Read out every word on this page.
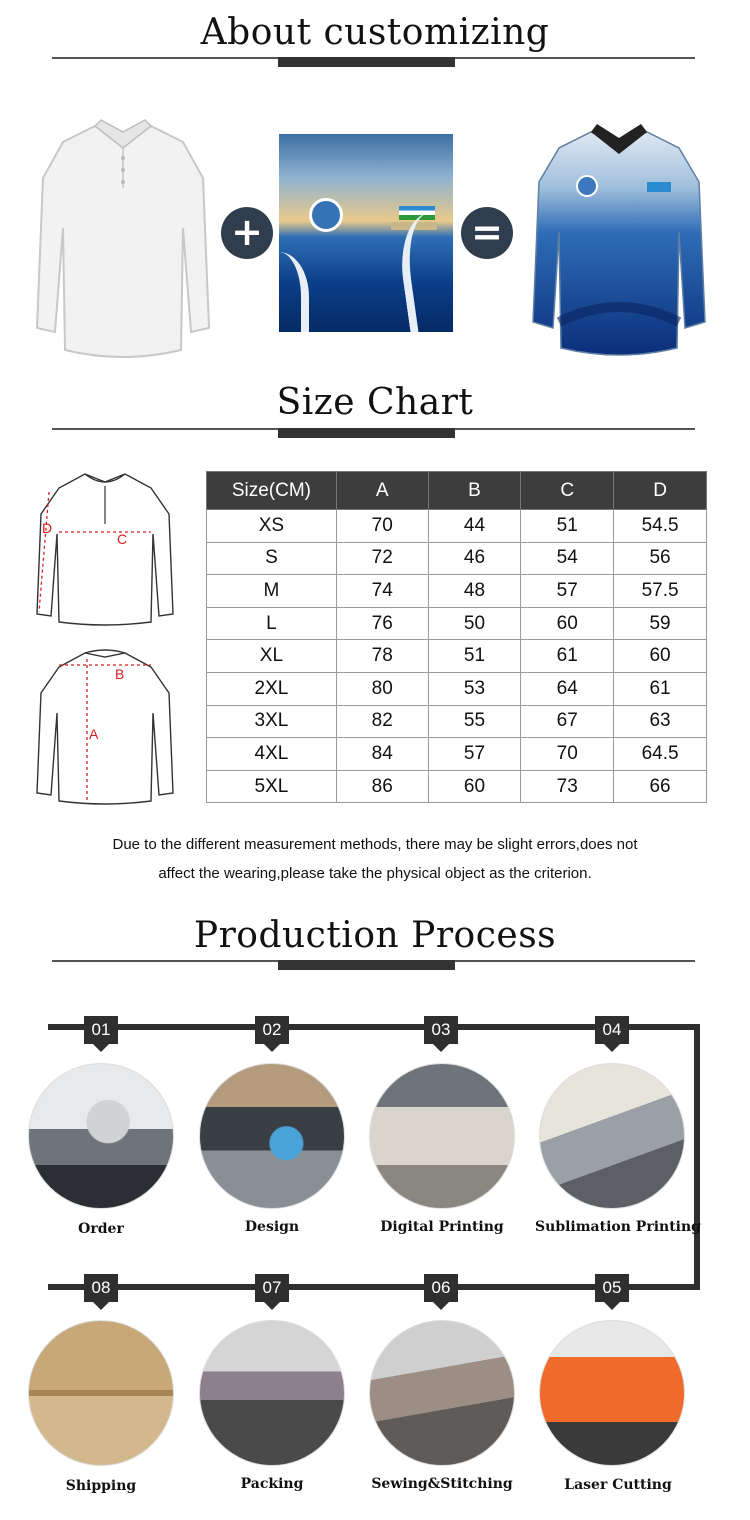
About customizing
+	=
Size Chart
C
D
B
A
Size(CM)	A	B	C	D
XS	70	44	51	54.5
S	72	46	54	56
M	74	48	57	57.5
L	76	50	60	59
XL	78	51	61	60
2XL	80	53	64	61
3XL	82	55	67	63
4XL	84	57	70	64.5
5XL	86	60	73	66
Due to the different measurement methods, there may be slight errors,does not
affect the wearing,please take the physical object as the criterion.
Production Process
01	02	03	04
Order	Design	Digital Printing	Sublimation Printing
08	07	06	05
Shipping	Packing	Sewing&Stitching	Laser Cutting
